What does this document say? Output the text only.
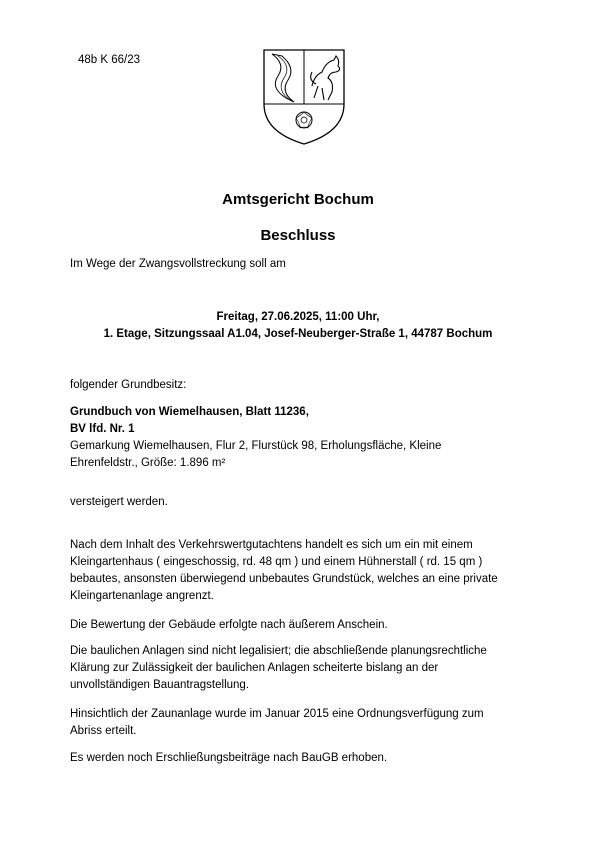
48b K 66/23

Amtsgericht Bochum

Beschluss

Im Wege der Zwangsvollstreckung soll am

Freitag, 27.06.2025, 11:00 Uhr,

1. Etage, Sitzungssaal A1.04, Josef-Neuberger-Straße 1, 44787 Bochum

folgender Grundbesitz:

Grundbuch von Wiemelhausen, Blatt 11236,

BV lfd. Nr. 1

Gemarkung Wiemelhausen, Flur 2, Flurstück 98, Erholungsfläche, Kleine

Ehrenfeldstr., Größe: 1.896 m²

versteigert werden.

Nach dem Inhalt des Verkehrswertgutachtens handelt es sich um ein mit einem

Kleingartenhaus ( eingeschossig, rd. 48 qm ) und einem Hühnerstall ( rd. 15 qm )

bebautes, ansonsten überwiegend unbebautes Grundstück, welches an eine private

Kleingartenanlage angrenzt.

Die Bewertung der Gebäude erfolgte nach äußerem Anschein.

Die baulichen Anlagen sind nicht legalisiert; die abschließende planungsrechtliche

Klärung zur Zulässigkeit der baulichen Anlagen scheiterte bislang an der

unvollständigen Bauantragstellung.

Hinsichtlich der Zaunanlage wurde im Januar 2015 eine Ordnungsverfügung zum

Abriss erteilt.

Es werden noch Erschließungsbeiträge nach BauGB erhoben.
